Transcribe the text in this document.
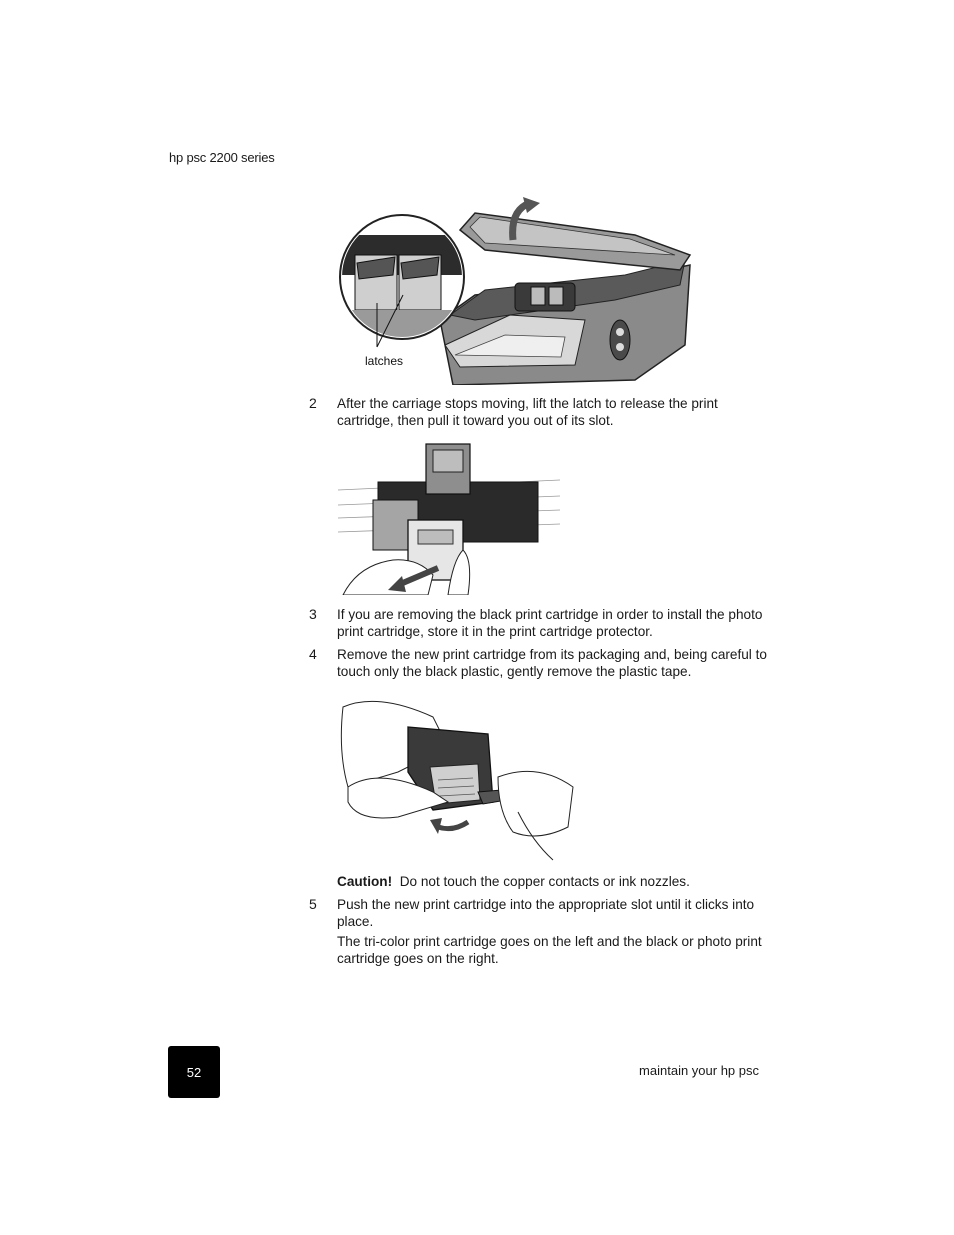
hp psc 2200 series
latches
2 After the carriage stops moving, lift the latch to release the print cartridge, then pull it toward you out of its slot.
3 If you are removing the black print cartridge in order to install the photo print cartridge, store it in the print cartridge protector.
4 Remove the new print cartridge from its packaging and, being careful to touch only the black plastic, gently remove the plastic tape.
Caution! Do not touch the copper contacts or ink nozzles.
5 Push the new print cartridge into the appropriate slot until it clicks into place.
The tri-color print cartridge goes on the left and the black or photo print cartridge goes on the right.
52	maintain your hp psc
